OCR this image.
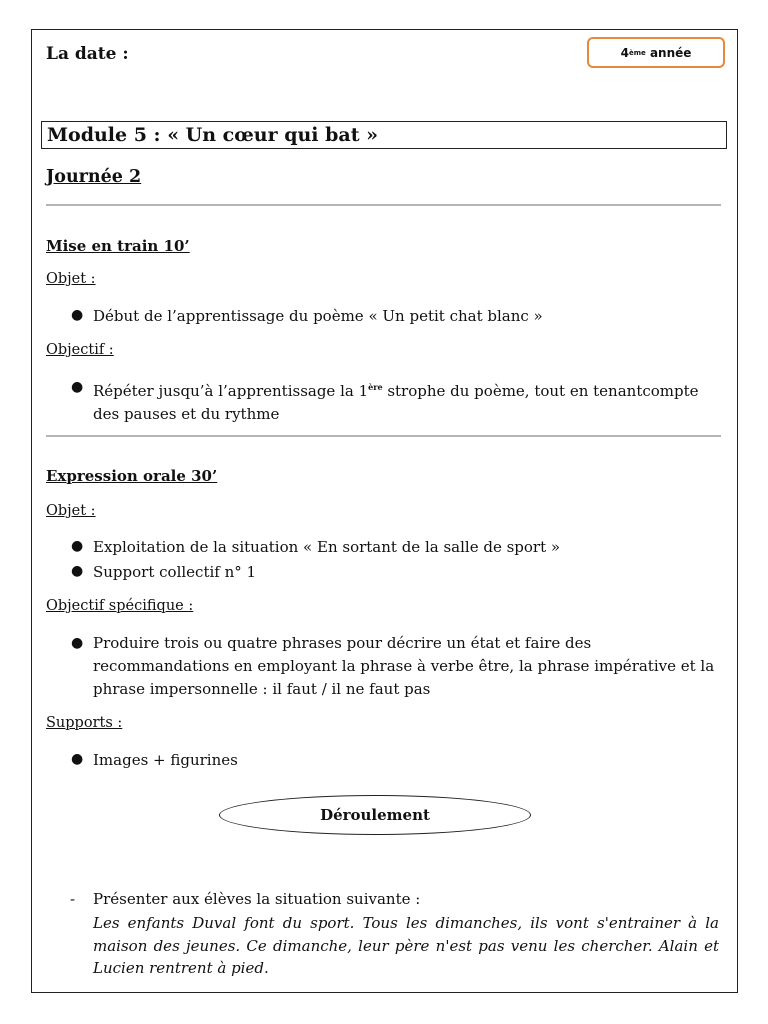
La date :	4 ème
année
Module 5 : « Un cœur qui bat »
Journée 2
Mise en train 10’
Objet :
● Début de l’apprentissage du poème « Un petit chat blanc »
Objectif :
● Répéter jusqu’à l’apprentissage la 1ère strophe du poème, tout en tenantcompte
des pauses et du rythme
Expression orale 30’
Objet :
● Exploitation de la situation « En sortant de la salle de sport »
● Support collectif n° 1
Objectif spécifique :
● Produire trois ou quatre phrases pour décrire un état et faire des
recommandations en employant la phrase à verbe être, la phrase impérative et la
phrase impersonnelle : il faut / il ne faut pas
Supports :
● Images + figurines
Déroulement
- Présenter aux élèves la situation suivante :
Les enfants Duval font du sport. Tous les dimanches, ils vont s'entrainer à la maison des jeunes. Ce dimanche, leur père n'est pas venu les chercher. Alain et Lucien rentrent à pied.
